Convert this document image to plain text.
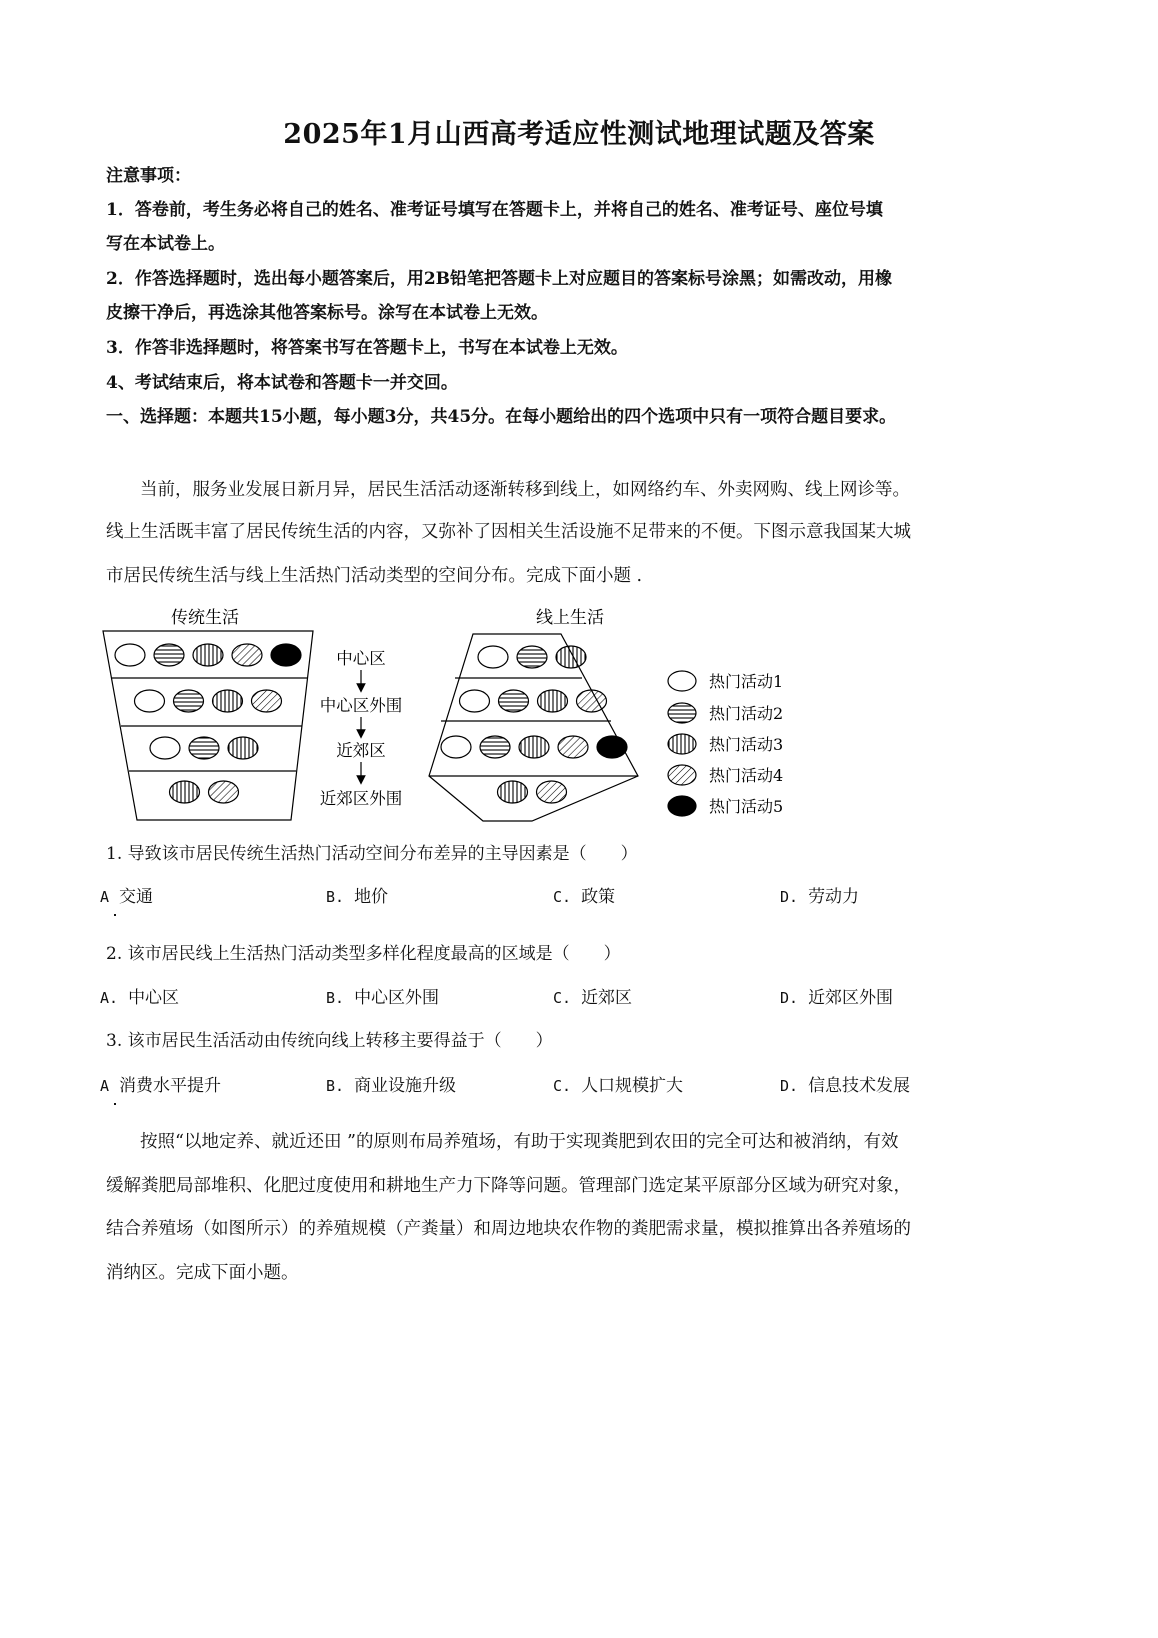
2025年1月山西高考适应性测试地理试题及答案
注意事项：
1．答卷前，考生务必将自己的姓名、准考证号填写在答题卡上，并将自己的姓名、准考证号、座位号填
写在本试卷上。
2．作答选择题时，选出每小题答案后，用2B铅笔把答题卡上对应题目的答案标号涂黑；如需改动，用橡
皮擦干净后，再选涂其他答案标号。涂写在本试卷上无效。
3．作答非选择题时，将答案书写在答题卡上，书写在本试卷上无效。
4、考试结束后，将本试卷和答题卡一并交回。
一、选择题：本题共15小题，每小题3分，共45分。在每小题给出的四个选项中只有一项符合题目要求。
当前，服务业发展日新月异，居民生活活动逐渐转移到线上，如网络约车、外卖网购、线上网诊等。
线上生活既丰富了居民传统生活的内容，又弥补了因相关生活设施不足带来的不便。下图示意我国某大城
市居民传统生活与线上生活热门活动类型的空间分布。完成下面小题 .
传统生活	线上生活
中心区
中心区外围
近郊区
近郊区外围
热门活动1
热门活动2
热门活动3
热门活动4
热门活动5
1. 导致该市居民传统生活热门活动空间分布差异的主导因素是（　　）
A 交通	B. 地价	C. 政策	D. 劳动力
2. 该市居民线上生活热门活动类型多样化程度最高的区域是（　　）
A. 中心区	B. 中心区外围	C. 近郊区	D. 近郊区外围
3. 该市居民生活活动由传统向线上转移主要得益于（　　）
A 消费水平提升	B. 商业设施升级	C. 人口规模扩大	D. 信息技术发展
按照“以地定养、就近还田 ”的原则布局养殖场，有助于实现粪肥到农田的完全可达和被消纳，有效
缓解粪肥局部堆积、化肥过度使用和耕地生产力下降等问题。管理部门选定某平原部分区域为研究对象，
结合养殖场（如图所示）的养殖规模（产粪量）和周边地块农作物的粪肥需求量，模拟推算出各养殖场的
消纳区。完成下面小题。
